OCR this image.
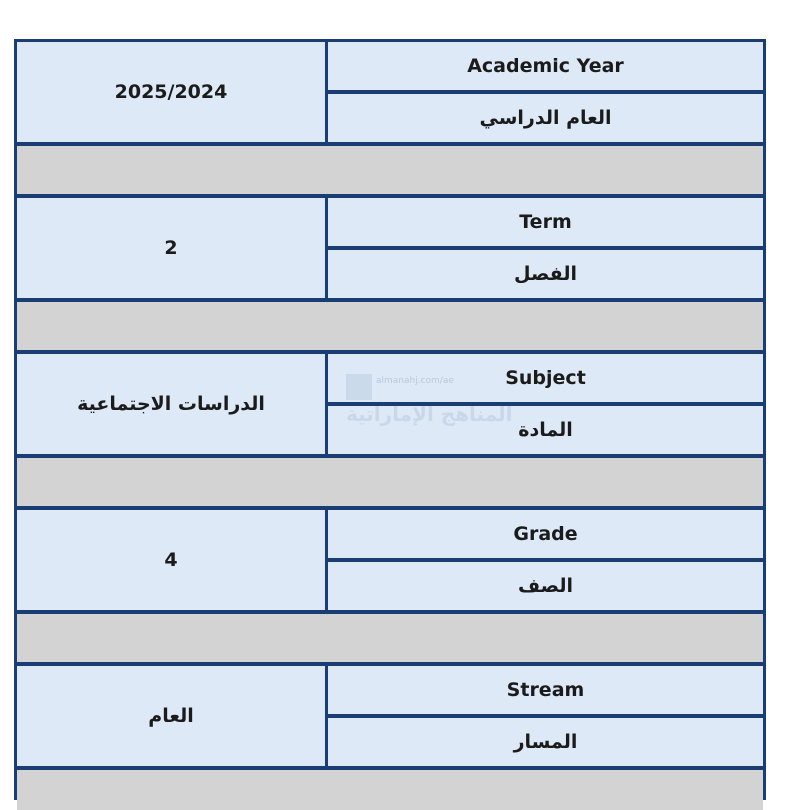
2025/2024
Academic Year
العام الدراسي
2
Term
الفصل
الدراسات الاجتماعية
Subject
المادة
4
Grade
الصف
العام
Stream
المسار
almanahj.com/ae
المناهج الإماراتية
